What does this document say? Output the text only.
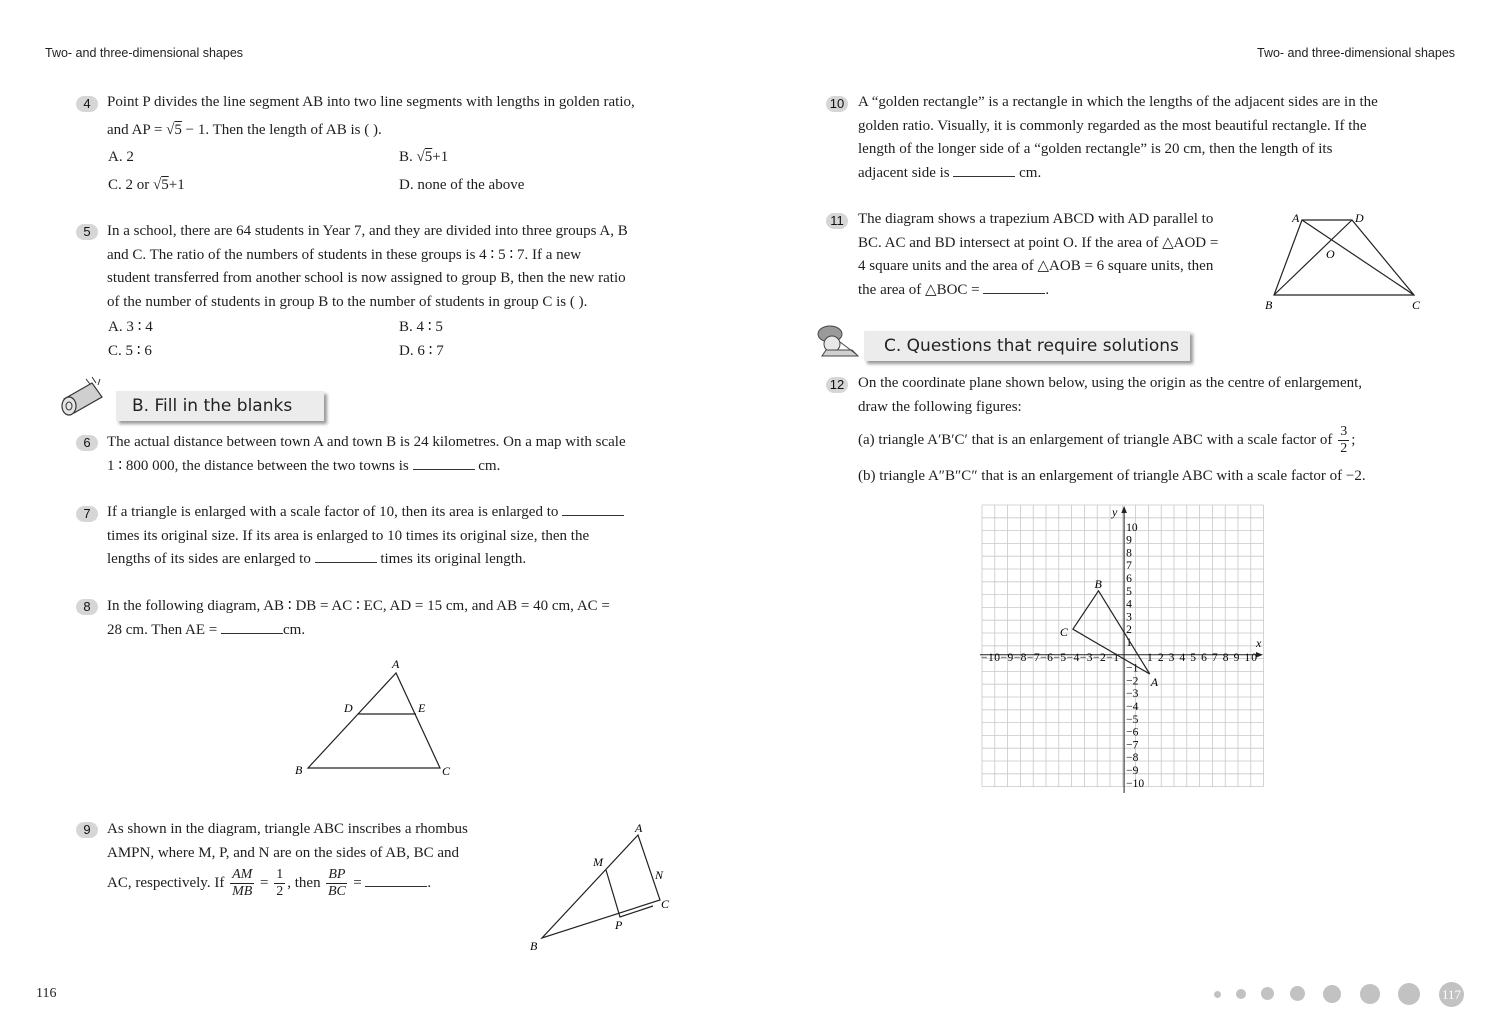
Two- and three-dimensional shapes	Two- and three-dimensional shapes
4	Point P divides the line segment AB into two line segments with lengths in golden ratio,
and AP = √5 − 1. Then the length of AB is ( ).
A. 2	B. √5+1
C. 2 or √5+1	D. none of the above
5	In a school, there are 64 students in Year 7, and they are divided into three groups A, B
and C. The ratio of the numbers of students in these groups is 4 ∶ 5 ∶ 7. If a new
student transferred from another school is now assigned to group B, then the new ratio
of the number of students in group B to the number of students in group C is ( ).
A. 3 ∶ 4	B. 4 ∶ 5
C. 5 ∶ 6	D. 6 ∶ 7
B. Fill in the blanks
6	The actual distance between town A and town B is 24 kilometres. On a map with scale
1 ∶ 800 000, the distance between the two towns is	cm.
7	If a triangle is enlarged with a scale factor of 10, then its area is enlarged to
times its original size. If its area is enlarged to 10 times its original size, then the
lengths of its sides are enlarged to	times its original length.
8	In the following diagram, AB ∶ DB = AC ∶ EC, AD = 15 cm, and AB = 40 cm, AC =
28 cm. Then AE =	cm.
A
B	C
D	E
9	As shown in the diagram, triangle ABC inscribes a rhombus
AMPN, where M, P, and N are on the sides of AB, BC and
AC, respectively. If $\frac{AM}{MB} = \frac{1}{2}$ , then $\frac{BP}{BC}$ =	.
A
B
C
M
N
P
10 A “golden rectangle” is a rectangle in which the lengths of the adjacent sides are in the
golden ratio. Visually, it is commonly regarded as the most beautiful rectangle. If the
length of the longer side of a “golden rectangle” is 20 cm, then the length of its
adjacent side is	cm.
11 The diagram shows a trapezium ABCD with AD parallel to
BC. AC and BD intersect at point O. If the area of △AOD =
4 square units and the area of △AOB = 6 square units, then
the area of △BOC =	.
A	D
O
B	C
C. Questions that require solutions
12 On the coordinate plane shown below, using the origin as the centre of enlargement,
draw the following figures:
(a) triangle A′B′C′ that is an enlargement of triangle ABC with a scale factor of $\frac{3}{2}$ ;
(b) triangle A″B″C″ that is an enlargement of triangle ABC with a scale factor of −2.
x
y
−10−9−8−7−6−5−4−3−2−1 1 2 3 4 5 6 7 8 9 10
10
9
8
7
6
5
4
3
2
1
−1
−2
−3
−4
−5
−6
−7
−8
−9
−10
A
B
C
116	117
